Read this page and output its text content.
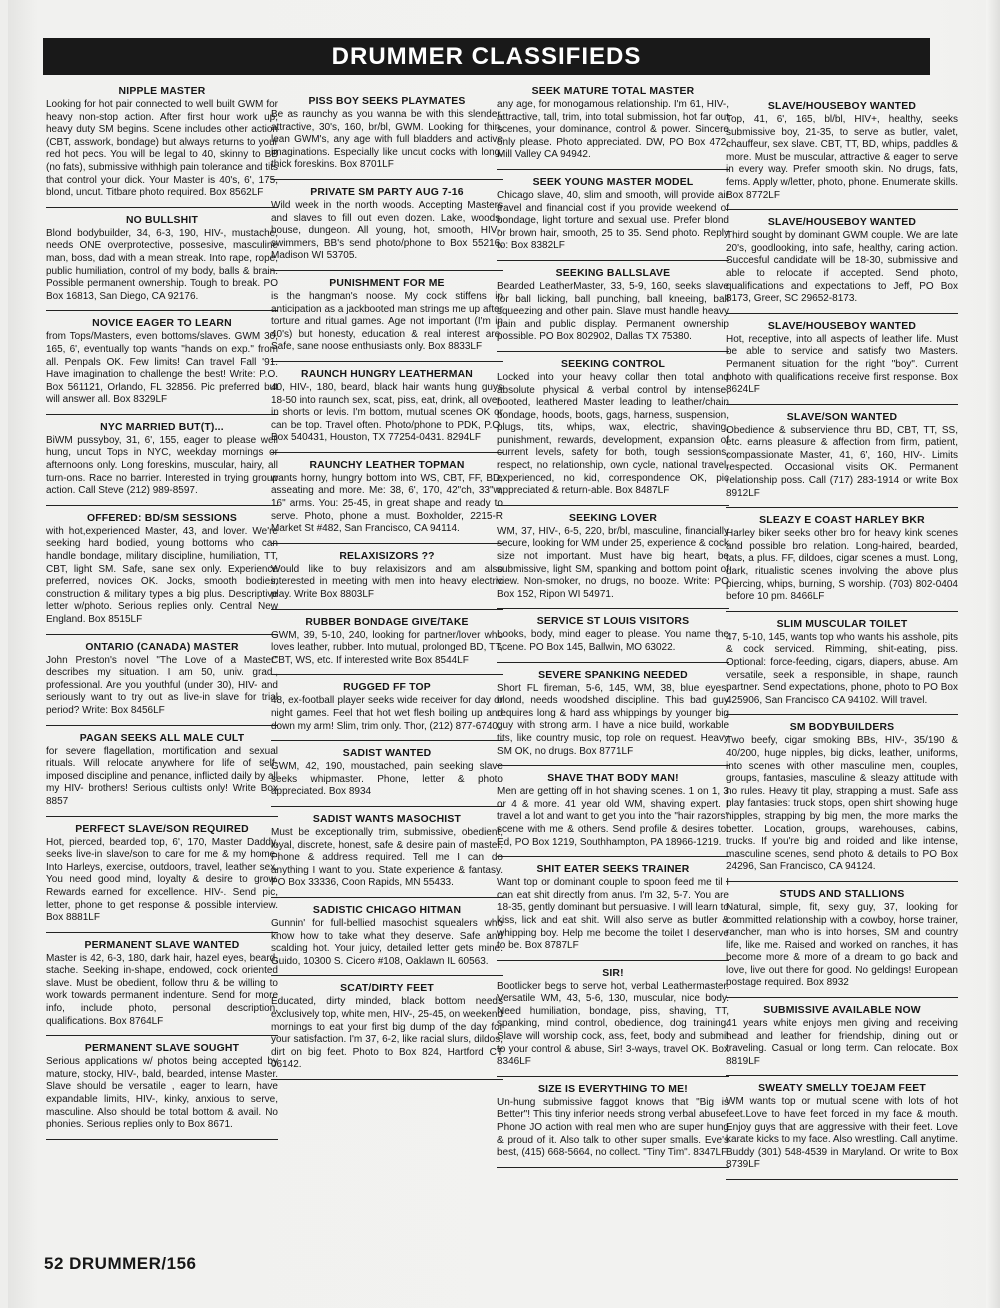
DRUMMER CLASSIFIEDS
NIPPLE MASTER

Looking for hot pair connected to well built GWM for heavy non-stop action. After first hour work up, heavy duty SM begins. Scene includes other action (CBT, asswork, bondage) but always returns to your red hot pecs. You will be legal to 40, skinny to BB (no fats), submissive withhigh pain tolerance and tits that control your dick. Your Master is 40's, 6', 175, blond, uncut. Titbare photo required. Box 8562LF

NO BULLSHIT

Blond bodybuilder, 34, 6-3, 190, HIV-, mustache, needs ONE overprotective, possesive, masculine man, boss, dad with a mean streak. Into rape, rope, public humiliation, control of my body, balls & brain. Possible permanent ownership. Tough to break. PO Box 16813, San Diego, CA 92176.

NOVICE EAGER TO LEARN

from Tops/Masters, even bottoms/slaves. GWM 30, 165, 6', eventually top wants "hands on exp." from all. Penpals OK. Few limits! Can travel Fall '91. Have imagination to challenge the best! Write: P.O. Box 561121, Orlando, FL 32856. Pic preferred but will answer all. Box 8329LF

NYC MARRIED BUT(T)...

BiWM pussyboy, 31, 6', 155, eager to please well hung, uncut Tops in NYC, weekday mornings or afternoons only. Long foreskins, muscular, hairy, all turn-ons. Race no barrier. Interested in trying group action. Call Steve (212) 989-8597.

OFFERED: BD/SM SESSIONS

with hot,experienced Master, 43, and lover. We're seeking hard bodied, young bottoms who can handle bondage, military discipline, humiliation, TT, CBT, light SM. Safe, sane sex only. Experience preferred, novices OK. Jocks, smooth bodies, construction & military types a big plus. Descriptive letter w/photo. Serious replies only. Central New England. Box 8515LF

ONTARIO (CANADA) MASTER

John Preston's novel "The Love of a Master" describes my situation. I am 50, univ. grad., professional. Are you youthful (under 30), HIV- and seriously want to try out as live-in slave for trial period? Write: Box 8456LF

PAGAN SEEKS ALL MALE CULT

for severe flagellation, mortification and sexual rituals. Will relocate anywhere for life of self-imposed discipline and penance, inflicted daily by all my HIV- brothers! Serious cultists only! Write Box 8857

PERFECT SLAVE/SON REQUIRED

Hot, pierced, bearded top, 6', 170, Master Daddy, seeks live-in slave/son to care for me & my home. Into Harleys, exercise, outdoors, travel, leather sex. You need good mind, loyalty & desire to grow. Rewards earned for excellence. HIV-. Send pic, letter, phone to get response & possible interview. Box 8881LF

PERMANENT SLAVE WANTED

Master is 42, 6-3, 180, dark hair, hazel eyes, beard, stache. Seeking in-shape, endowed, cock oriented slave. Must be obedient, follow thru & be willing to work towards permanent indenture. Send for more info, include photo, personal description, qualifications. Box 8764LF

PERMANENT SLAVE SOUGHT

Serious applications w/ photos being accepted by mature, stocky, HIV-, bald, bearded, intense Master. Slave should be versatile , eager to learn, have expandable limits, HIV-, kinky, anxious to serve, masculine. Also should be total bottom & avail. No phonies. Serious replies only to Box 8671.

PISS BOY SEEKS PLAYMATES

Be as raunchy as you wanna be with this slender, attractive, 30's, 160, br/bl, GWM. Looking for thin, lean GWM's, any age with full bladders and active imaginations. Especially like uncut cocks with long, thick foreskins. Box 8701LF

PRIVATE SM PARTY AUG 7-16

Wild week in the north woods. Accepting Masters and slaves to fill out even dozen. Lake, woods, house, dungeon. All young, hot, smooth, HIV-, swimmers, BB's send photo/phone to Box 55216, Madison WI 53705.

PUNISHMENT FOR ME

is the hangman's noose. My cock stiffens in anticipation as a jackbooted man strings me up after torture and ritual games. Age not important (I'm in 40's) but honesty, education & real interest are. Safe, sane noose enthusiasts only. Box 8833LF

RAUNCH HUNGRY LEATHERMAN

40, HIV-, 180, beard, black hair wants hung guys 18-50 into raunch sex, scat, piss, eat, drink, all over, in shorts or levis. I'm bottom, mutual scenes OK or can be top. Travel often. Photo/phone to PDK, P.O. Box 540431, Houston, TX 77254-0431. 8294LF

RAUNCHY LEATHER TOPMAN

wants horny, hungry bottom into WS, CBT, FF, BD, asseating and more. Me: 38, 6', 170, 42"ch, 33"w, 16" arms. You: 25-45, in great shape and ready to serve. Photo, phone a must. Boxholder, 2215-R Market St #482, San Francisco, CA 94114.

RELAXISIZORS ??

Would like to buy relaxisizors and am also interested in meeting with men into heavy electric play. Write Box 8803LF

RUBBER BONDAGE GIVE/TAKE

GWM, 39, 5-10, 240, looking for partner/lover who loves leather, rubber. Into mutual, prolonged BD, TT, CBT, WS, etc. If interested write Box 8544LF

RUGGED FF TOP

48, ex-football player seeks wide receiver for day or night games. Feel that hot wet flesh boiling up and down my arm! Slim, trim only. Thor, (212) 877-6740.

SADIST WANTED

GWM, 42, 190, moustached, pain seeking slave seeks whipmaster. Phone, letter & photo appreciated. Box 8934

SADIST WANTS MASOCHIST

Must be exceptionally trim, submissive, obedient, loyal, discrete, honest, safe & desire pain of master. Phone & address required. Tell me I can do anything I want to you. State experience & fantasy. PO Box 33336, Coon Rapids, MN 55433.

SADISTIC CHICAGO HITMAN

Gunnin' for full-bellied masochist squealers who know how to take what they deserve. Safe and scalding hot. Your juicy, detailed letter gets mine. Guido, 10300 S. Cicero #108, Oaklawn IL 60563.

SCAT/DIRTY FEET

Educated, dirty minded, black bottom needs exclusively top, white men, HIV-, 25-45, on weekend mornings to eat your first big dump of the day for your satisfaction. I'm 37, 6-2, like racial slurs, dildos, dirt on big feet. Photo to Box 824, Hartford CT 06142.

SEEK MATURE TOTAL MASTER

any age, for monogamous relationship. I'm 61, HIV-, attractive, tall, trim, into total submission, hot far out scenes, your dominance, control & power. Sincere only please. Photo appreciated. DW, PO Box 472, Mill Valley CA 94942.

SEEK YOUNG MASTER MODEL

Chicago slave, 40, slim and smooth, will provide air travel and financial cost if you provide weekend of bondage, light torture and sexual use. Prefer blond or brown hair, smooth, 25 to 35. Send photo. Reply to: Box 8382LF

SEEKING BALLSLAVE

Bearded LeatherMaster, 33, 5-9, 160, seeks slave for ball licking, ball punching, ball kneeing, ball squeezing and other pain. Slave must handle heavy pain and public display. Permanent ownership possible. PO Box 802902, Dallas TX 75380.

SEEKING CONTROL

Locked into your heavy collar then total and absolute physical & verbal control by intense, booted, leathered Master leading to leather/chain bondage, hoods, boots, gags, harness, suspension, plugs, tits, whips, wax, electric, shaving, punishment, rewards, development, expansion of current levels, safety for both, tough sessions, respect, no relationship, own cycle, national travel, experienced, no kid, correspondence OK, pic appreciated & return-able. Box 8487LF

SEEKING LOVER

WM, 37, HIV-, 6-5, 220, br/bl, masculine, financially secure, looking for WM under 25, experience & cock size not important. Must have big heart, be submissive, light SM, spanking and bottom point of view. Non-smoker, no drugs, no booze. Write: PO Box 152, Ripon WI 54971.

SERVICE ST LOUIS VISITORS

Looks, body, mind eager to please. You name the scene. PO Box 145, Ballwin, MO 63022.

SEVERE SPANKING NEEDED

Short FL fireman, 5-6, 145, WM, 38, blue eyes, blond, needs woodshed discipline. This bad guy requires long & hard ass whippings by younger big guy with strong arm. I have a nice build, workable tits, like country music, top role on request. Heavy SM OK, no drugs. Box 8771LF

SHAVE THAT BODY MAN!

Men are getting off in hot shaving scenes. 1 on 1, 3 or 4 & more. 41 year old WM, shaving expert. I travel a lot and want to get you into the "hair razors" scene with me & others. Send profile & desires to: Ed, PO Box 1219, Southhampton, PA 18966-1219.

SHIT EATER SEEKS TRAINER

Want top or dominant couple to spoon feed me til I can eat shit directly from anus. I'm 32, 5-7. You are 18-35, gently dominant but persuasive. I will learn to kiss, lick and eat shit. Will also serve as butler & whipping boy. Help me become the toilet I deserve to be. Box 8787LF

SIR!

Bootlicker begs to serve hot, verbal Leathermaster. Versatile WM, 43, 5-6, 130, muscular, nice body. Need humiliation, bondage, piss, shaving, TT, spanking, mind control, obedience, dog training. Slave will worship cock, ass, feet, body and submit to your control & abuse, Sir! 3-ways, travel OK. Box 8346LF

SIZE IS EVERYTHING TO ME!

Un-hung submissive faggot knows that "Big is Better"! This tiny inferior needs strong verbal abuse. Phone JO action with real men who are super hung & proud of it. Also talk to other super smalls. Eve's best, (415) 668-5664, no collect. "Tiny Tim". 8347LF

SLAVE/HOUSEBOY WANTED

Top, 41, 6', 165, bl/bl, HIV+, healthy, seeks submissive boy, 21-35, to serve as butler, valet, chauffeur, sex slave. CBT, TT, BD, whips, paddles & more. Must be muscular, attractive & eager to serve in every way. Prefer smooth skin. No drugs, fats, fems. Apply w/letter, photo, phone. Enumerate skills. Box 8772LF

SLAVE/HOUSEBOY WANTED

Third sought by dominant GWM couple. We are late 20's, goodlooking, into safe, healthy, caring action. Succesful candidate will be 18-30, submissive and able to relocate if accepted. Send photo, qualifications and expectations to Jeff, PO Box 8173, Greer, SC 29652-8173.

SLAVE/HOUSEBOY WANTED

Hot, receptive, into all aspects of leather life. Must be able to service and satisfy two Masters. Permanent situation for the right "boy". Current photo with qualifications receive first response. Box 8624LF

SLAVE/SON WANTED

Obedience & subservience thru BD, CBT, TT, SS, etc. earns pleasure & affection from firm, patient, compassionate Master, 41, 6', 160, HIV-. Limits respected. Occasional visits OK. Permanent relationship poss. Call (717) 283-1914 or write Box 8912LF

SLEAZY E COAST HARLEY BKR

Harley biker seeks other bro for heavy kink scenes and possible bro relation. Long-haired, bearded, tats, a plus. FF, dildoes, cigar scenes a must. Long, dark, ritualistic scenes involving the above plus piercing, whips, burning, S worship. (703) 802-0404 before 10 pm. 8466LF

SLIM MUSCULAR TOILET

47, 5-10, 145, wants top who wants his asshole, pits & cock serviced. Rimming, shit-eating, piss. Optional: force-feeding, cigars, diapers, abuse. Am versatile, seek a responsible, in shape, raunch partner. Send expectations, phone, photo to PO Box 425906, San Francisco CA 94102. Will travel.

SM BODYBUILDERS

Two beefy, cigar smoking BBs, HIV-, 35/190 & 40/200, huge nipples, big dicks, leather, uniforms, into scenes with other masculine men, couples, groups, fantasies, masculine & sleazy attitude with no rules. Heavy tit play, strapping a must. Safe ass play fantasies: truck stops, open shirt showing huge nipples, strapping by big men, the more marks the better. Location, groups, warehouses, cabins, trucks. If you're big and roided and like intense, masculine scenes, send photo & details to PO Box 24296, San Francisco, CA 94124.

STUDS AND STALLIONS

Natural, simple, fit, sexy guy, 37, looking for committed relationship with a cowboy, horse trainer, rancher, man who is into horses, SM and country life, like me. Raised and worked on ranches, it has become more & more of a dream to go back and love, live out there for good. No geldings! European postage required. Box 8932

SUBMISSIVE AVAILABLE NOW

41 years white enjoys men giving and receiving head and leather for friendship, dining out or traveling. Casual or long term. Can relocate. Box 8819LF

SWEATY SMELLY TOEJAM FEET

WM wants top or mutual scene with lots of hot feet.Love to have feet forced in my face & mouth. Enjoy guys that are aggressive with their feet. Love karate kicks to my face. Also wrestling. Call anytime. Buddy (301) 548-4539 in Maryland. Or write to Box 8739LF

52 DRUMMER/156
